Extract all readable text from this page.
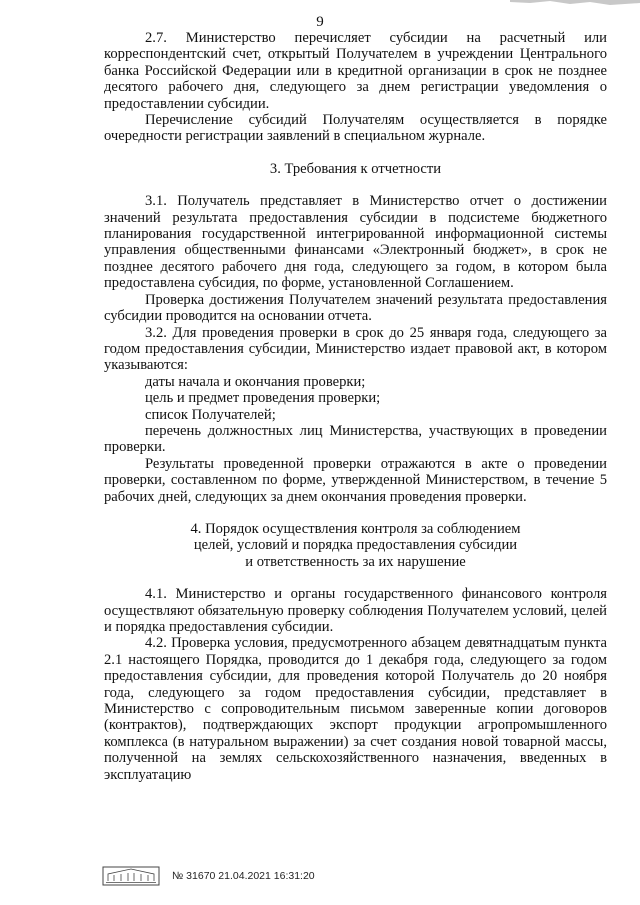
9

2.7. Министерство перечисляет субсидии на расчетный или корреспондентский счет, открытый Получателем в учреждении Центрального банка Российской Федерации или в кредитной организации в срок не позднее десятого рабочего дня, следующего за днем регистрации уведомления о предоставлении субсидии.

Перечисление субсидий Получателям осуществляется в порядке очередности регистрации заявлений в специальном журнале.

3. Требования к отчетности

3.1. Получатель представляет в Министерство отчет о достижении значений результата предоставления субсидии в подсистеме бюджетного планирования государственной интегрированной информационной системы управления общественными финансами «Электронный бюджет», в срок не позднее десятого рабочего дня года, следующего за годом, в котором была предоставлена субсидия, по форме, установленной Соглашением.

Проверка достижения Получателем значений результата предоставления субсидии проводится на основании отчета.

3.2. Для проведения проверки в срок до 25 января года, следующего за годом предоставления субсидии, Министерство издает правовой акт, в котором указываются:

даты начала и окончания проверки;

цель и предмет проведения проверки;

список Получателей;

перечень должностных лиц Министерства, участвующих в проведении проверки.

Результаты проведенной проверки отражаются в акте о проведении проверки, составленном по форме, утвержденной Министерством, в течение 5 рабочих дней, следующих за днем окончания проведения проверки.

4. Порядок осуществления контроля за соблюдением

целей, условий и порядка предоставления субсидии

и ответственность за их нарушение

4.1. Министерство и органы государственного финансового контроля осуществляют обязательную проверку соблюдения Получателем условий, целей и порядка предоставления субсидии.

4.2. Проверка условия, предусмотренного абзацем девятнадцатым пункта 2.1 настоящего Порядка, проводится до 1 декабря года, следующего за годом предоставления субсидии, для проведения которой Получатель до 20 ноября года, следующего за годом предоставления субсидии, представляет в Министерство с сопроводительным письмом заверенные копии договоров (контрактов), подтверждающих экспорт продукции агропромышленного комплекса (в натуральном выражении) за счет создания новой товарной массы, полученной на землях сельскохозяйственного назначения, введенных в эксплуатацию

№ 31670 21.04.2021 16:31:20
